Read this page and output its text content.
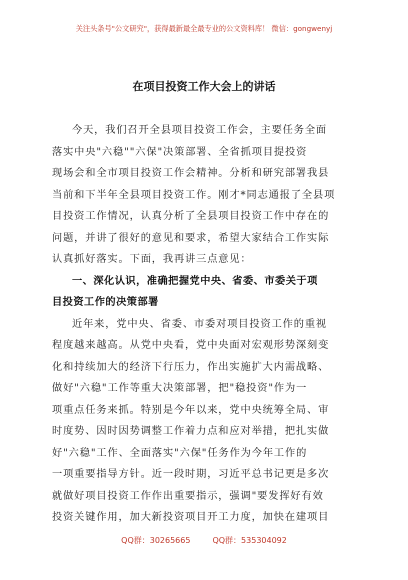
关注头条号"公文研究"，获得最新最全最专业的公文资料库！ 微信：gongwenyj
在项目投资工作大会上的讲话
今天，我们召开全县项目投资工作会，主要任务全面
落实中央"六稳""六保"决策部署、全省抓项目提投资
现场会和全市项目投资工作会精神。分析和研究部署我县
当前和下半年全县项目投资工作。刚才*同志通报了全县项
目投资工作情况，认真分析了全县项目投资工作中存在的
问题，并讲了很好的意见和要求，希望大家结合工作实际
认真抓好落实。下面，我再讲三点意见：
一、深化认识，准确把握党中央、省委、市委关于项
目投资工作的决策部署
近年来，党中央、省委、市委对项目投资工作的重视
程度越来越高。从党中央看，党中央面对宏观形势深刻变
化和持续加大的经济下行压力，作出实施扩大内需战略、
做好"六稳"工作等重大决策部署，把"稳投资"作为一
项重点任务来抓。特别是今年以来，党中央统筹全局、审
时度势、因时因势调整工作着力点和应对举措，把扎实做
好"六稳"工作、全面落实"六保"任务作为今年工作的
一项重要指导方针。近一段时期，习近平总书记更是多次
就做好项目投资工作作出重要指示，强调"要发挥好有效
投资关键作用，加大新投资项目开工力度，加快在建项目
QQ群：30265665	QQ群：535304092
